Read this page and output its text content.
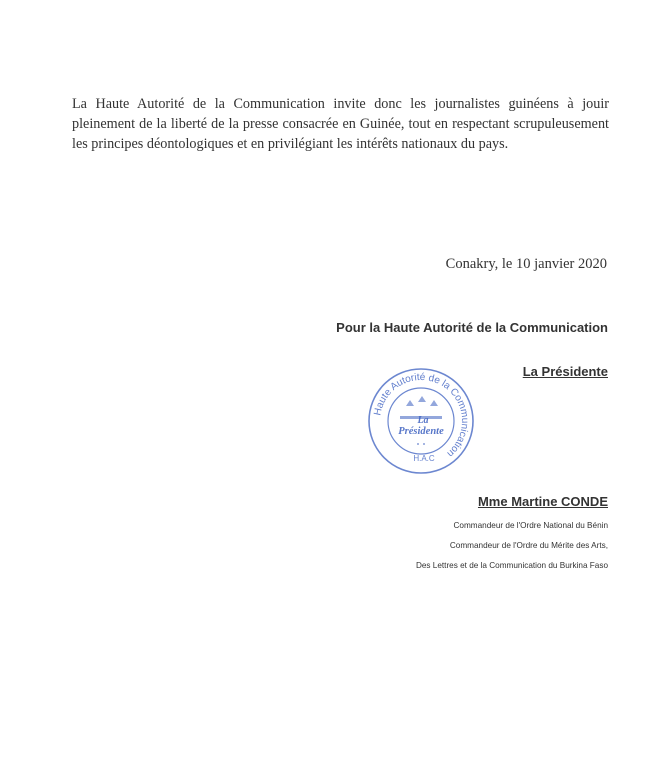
La Haute Autorité de la Communication invite donc les journalistes guinéens à jouir pleinement de la liberté de la presse consacrée en Guinée, tout en respectant scrupuleusement les principes déontologiques et en privilégiant les intérêts nationaux du pays.

Conakry, le 10 janvier 2020
Pour la Haute Autorité de la Communication
La Présidente
Haute Autorité de la Communication
La
Présidente
H.A.C
Mme Martine CONDE
Commandeur de l'Ordre National du Bénin
Commandeur de l'Ordre du Mérite des Arts,
Des Lettres et de la Communication du Burkina Faso
